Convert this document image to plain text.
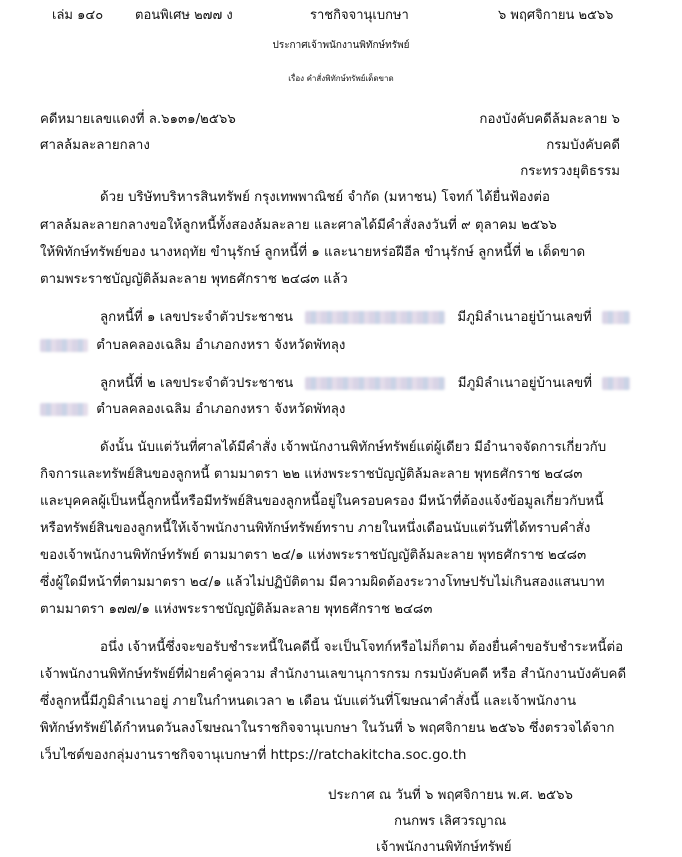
เล่ม ๑๔๐ ตอนพิเศษ ๒๗๗ ง	ราชกิจจานุเบกษา	๖ พฤศจิกายน ๒๕๖๖
ประกาศเจ้าพนักงานพิทักษ์ทรัพย์
เรื่อง คำสั่งพิทักษ์ทรัพย์เด็ดขาด
คดีหมายเลขแดงที่ ล.๖๑๓๑/๒๕๖๖
ศาลล้มละลายกลาง
กองบังคับคดีล้มละลาย ๖
กรมบังคับคดี
กระทรวงยุติธรรม
ด้วย บริษัทบริหารสินทรัพย์ กรุงเทพพาณิชย์ จำกัด (มหาชน) โจทก์ ได้ยื่นฟ้องต่อ
ศาลล้มละลายกลางขอให้ลูกหนี้ทั้งสองล้มละลาย และศาลได้มีคำสั่งลงวันที่ ๙ ตุลาคม ๒๕๖๖
ให้พิทักษ์ทรัพย์ของ นางหฤทัย ขำนุรักษ์ ลูกหนี้ที่ ๑ และนายหร่อฝีอีล ขำนุรักษ์ ลูกหนี้ที่ ๒ เด็ดขาด
ตามพระราชบัญญัติล้มละลาย พุทธศักราช ๒๔๘๓ แล้ว
ลูกหนี้ที่ ๑ เลขประจำตัวประชาชน	มีภูมิลำเนาอยู่บ้านเลขที่
ตำบลคลองเฉลิม อำเภอกงหรา จังหวัดพัทลุง
ลูกหนี้ที่ ๒ เลขประจำตัวประชาชน	มีภูมิลำเนาอยู่บ้านเลขที่
ตำบลคลองเฉลิม อำเภอกงหรา จังหวัดพัทลุง
ดังนั้น นับแต่วันที่ศาลได้มีคำสั่ง เจ้าพนักงานพิทักษ์ทรัพย์แต่ผู้เดียว มีอำนาจจัดการเกี่ยวกับ
กิจการและทรัพย์สินของลูกหนี้ ตามมาตรา ๒๒ แห่งพระราชบัญญัติล้มละลาย พุทธศักราช ๒๔๘๓
และบุคคลผู้เป็นหนี้ลูกหนี้หรือมีทรัพย์สินของลูกหนี้อยู่ในครอบครอง มีหน้าที่ต้องแจ้งข้อมูลเกี่ยวกับหนี้
หรือทรัพย์สินของลูกหนี้ให้เจ้าพนักงานพิทักษ์ทรัพย์ทราบ ภายในหนึ่งเดือนนับแต่วันที่ได้ทราบคำสั่ง
ของเจ้าพนักงานพิทักษ์ทรัพย์ ตามมาตรา ๒๔/๑ แห่งพระราชบัญญัติล้มละลาย พุทธศักราช ๒๔๘๓
ซึ่งผู้ใดมีหน้าที่ตามมาตรา ๒๔/๑ แล้วไม่ปฏิบัติตาม มีความผิดต้องระวางโทษปรับไม่เกินสองแสนบาท
ตามมาตรา ๑๗๗/๑ แห่งพระราชบัญญัติล้มละลาย พุทธศักราช ๒๔๘๓
อนึ่ง เจ้าหนี้ซึ่งจะขอรับชำระหนี้ในคดีนี้ จะเป็นโจทก์หรือไม่ก็ตาม ต้องยื่นคำขอรับชำระหนี้ต่อ
เจ้าพนักงานพิทักษ์ทรัพย์ที่ฝ่ายคำคู่ความ สำนักงานเลขานุการกรม กรมบังคับคดี หรือ สำนักงานบังคับคดี
ซึ่งลูกหนี้มีภูมิลำเนาอยู่ ภายในกำหนดเวลา ๒ เดือน นับแต่วันที่โฆษณาคำสั่งนี้ และเจ้าพนักงาน
พิทักษ์ทรัพย์ได้กำหนดวันลงโฆษณาในราชกิจจานุเบกษา ในวันที่ ๖ พฤศจิกายน ๒๕๖๖ ซึ่งตรวจได้จาก
เว็บไซต์ของกลุ่มงานราชกิจจานุเบกษาที่ https://ratchakitcha.soc.go.th
ประกาศ ณ วันที่ ๖ พฤศจิกายน พ.ศ. ๒๕๖๖
กนกพร เลิศวรญาณ
เจ้าพนักงานพิทักษ์ทรัพย์
